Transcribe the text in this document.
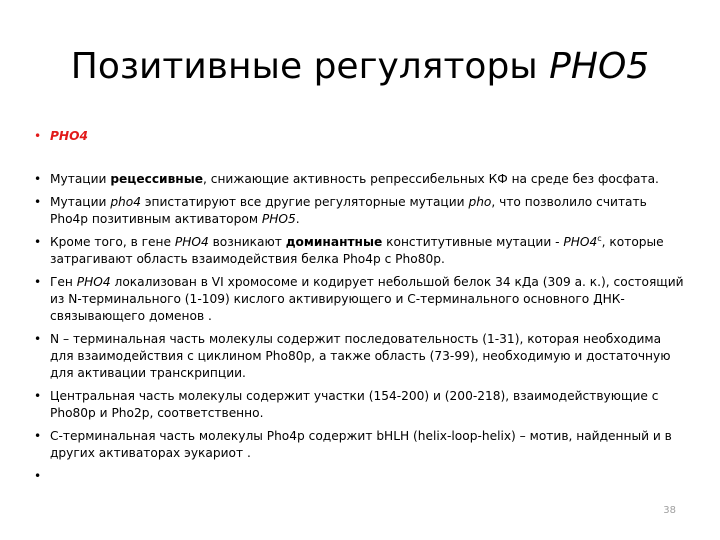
Позитивные регуляторы PHO5
• PHO4
• Мутации рецессивные, снижающие активность репрессибельных КФ на среде без фосфата.
• Мутации pho4 эпистатируют все другие регуляторные мутации pho, что позволило считать Pho4p позитивным активатором PHO5.
• Кроме того, в гене PHO4 возникают доминантные конститутивные мутации - PHO4$^c$, которые затрагивают область взаимодействия белка Pho4p с Pho80p.
• Ген PHO4 локализован в VI хромосоме и кодирует небольшой белок 34 кДа (309 а. к.), состоящий из N-терминального (1-109) кислого активирующего и С-терминального основного ДНК-связывающего доменов .
• N – терминальная часть молекулы содержит последовательность (1-31), которая необходима для взаимодействия с циклином Pho80p, а также область (73-99), необходимую и достаточную для активации транскрипции.
• Центральная часть молекулы содержит участки (154-200) и (200-218), взаимодействующие с Pho80p и Pho2p, соответственно.
• С-терминальная часть молекулы Pho4p содержит bHLH (helix-loop-helix) – мотив, найденный и в других активаторах эукариот .
•
38
